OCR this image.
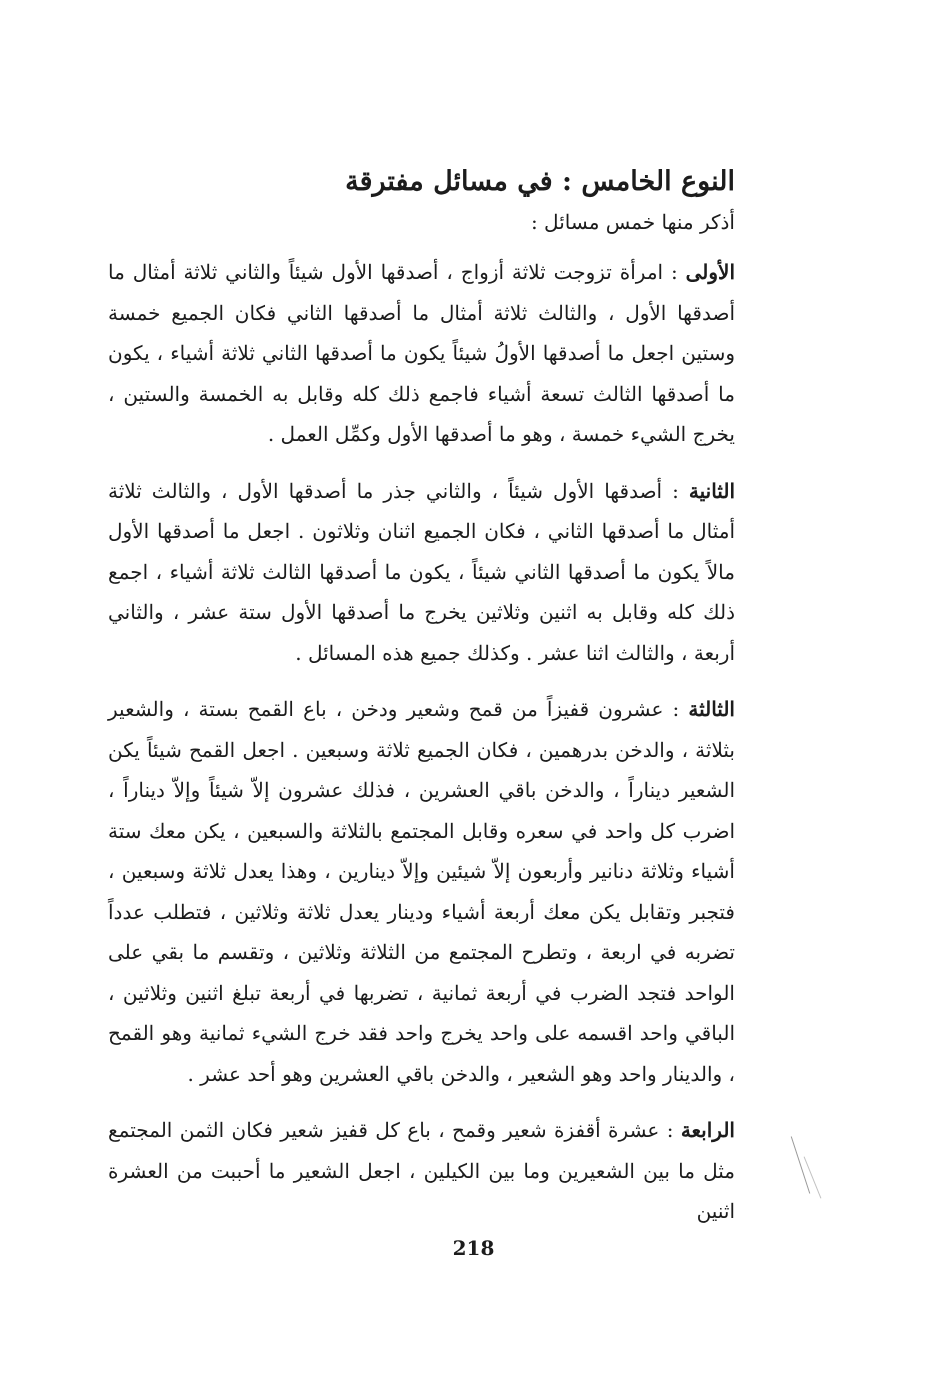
النوع الخامس : في مسائل مفترقة

أذكر منها خمس مسائل :

الأولى : امرأة تزوجت ثلاثة أزواج ، أصدقها الأول شيئاً والثاني ثلاثة أمثال ما أصدقها الأول ، والثالث ثلاثة أمثال ما أصدقها الثاني فكان الجميع خمسة وستين اجعل ما أصدقها الأولُ شيئاً يكون ما أصدقها الثاني ثلاثة أشياء ، يكون ما أصدقها الثالث تسعة أشياء فاجمع ذلك كله وقابل به الخمسة والستين ، يخرج الشيء خمسة ، وهو ما أصدقها الأول وكمِّل العمل .

الثانية : أصدقها الأول شيئاً ، والثاني جذر ما أصدقها الأول ، والثالث ثلاثة أمثال ما أصدقها الثاني ، فكان الجميع اثنان وثلاثون . اجعل ما أصدقها الأول مالاً يكون ما أصدقها الثاني شيئاً ، يكون ما أصدقها الثالث ثلاثة أشياء ، اجمع ذلك كله وقابل به اثنين وثلاثين يخرج ما أصدقها الأول ستة عشر ، والثاني أربعة ، والثالث اثنا عشر . وكذلك جميع هذه المسائل .

الثالثة : عشرون قفيزاً من قمح وشعير ودخن ، باع القمح بستة ، والشعير بثلاثة ، والدخن بدرهمين ، فكان الجميع ثلاثة وسبعين . اجعل القمح شيئاً يكن الشعير ديناراً ، والدخن باقي العشرين ، فذلك عشرون إلاّ شيئاً وإلاّ ديناراً ، اضرب كل واحد في سعره وقابل المجتمع بالثلاثة والسبعين ، يكن معك ستة أشياء وثلاثة دنانير وأربعون إلاّ شيئين وإلاّ دينارين ، وهذا يعدل ثلاثة وسبعين ، فتجبر وتقابل يكن معك أربعة أشياء ودينار يعدل ثلاثة وثلاثين ، فتطلب عدداً تضربه في اربعة ، وتطرح المجتمع من الثلاثة وثلاثين ، وتقسم ما بقي على الواحد فتجد الضرب في أربعة ثمانية ، تضربها في أربعة تبلغ اثنين وثلاثين ، الباقي واحد اقسمه على واحد يخرج واحد فقد خرج الشيء ثمانية وهو القمح ، والدينار واحد وهو الشعير ، والدخن باقي العشرين وهو أحد عشر .

الرابعة : عشرة أقفزة شعير وقمح ، باع كل قفيز شعير فكان الثمن المجتمع مثل ما بين الشعيرين وما بين الكيلين ، اجعل الشعير ما أحببت من العشرة اثنين

218
